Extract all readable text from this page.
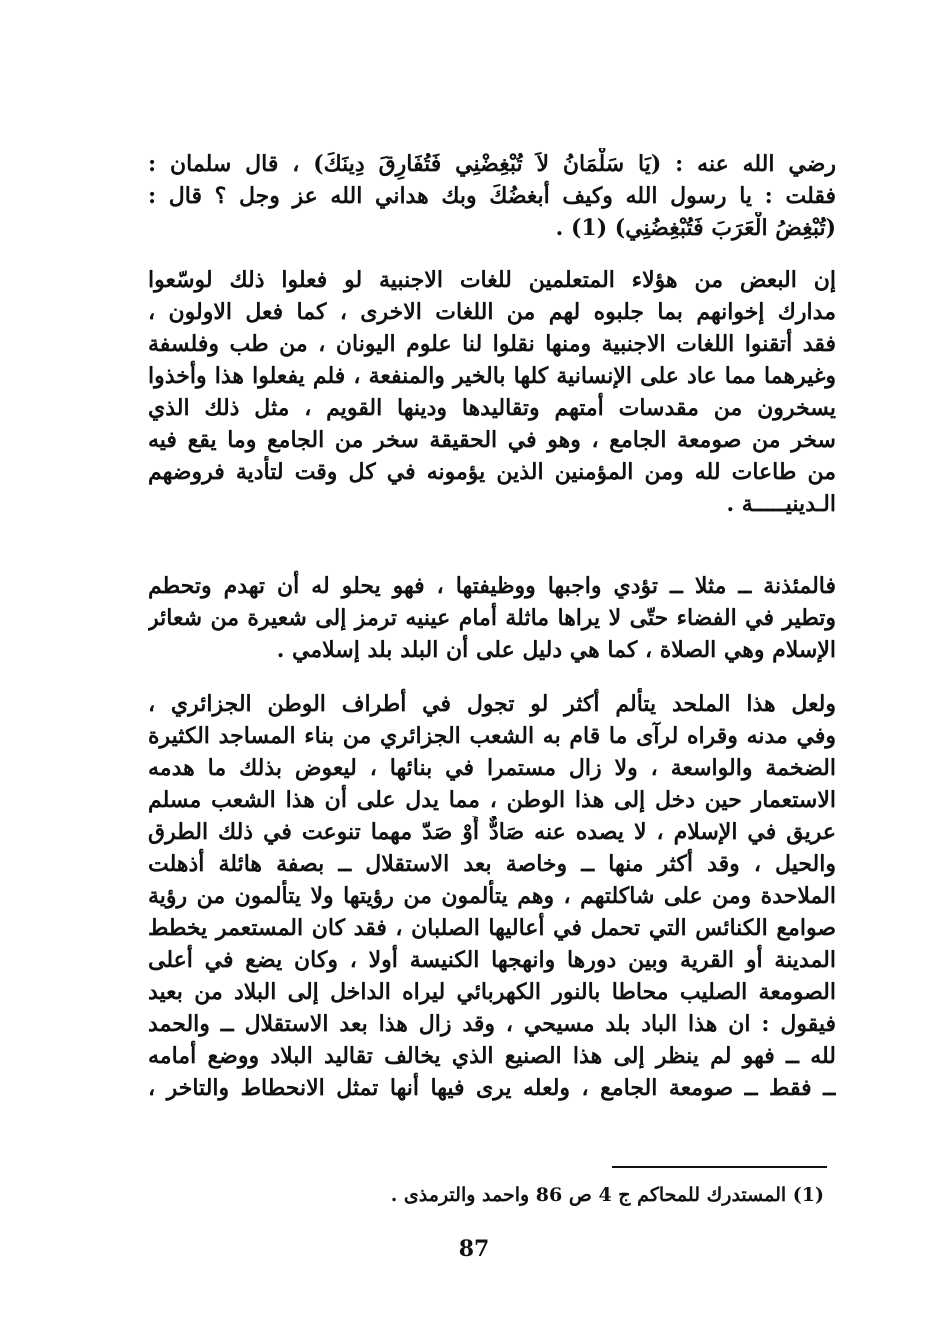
رضي الله عنه : (يَا سَلْمَانُ لاَ تُبْغِضْنِي فَتُفَارِقَ دِينَكَ) ، قال سلمان :
فقلت : يا رسول الله وكيف أبغضُكَ وبك هداني الله عز وجل ؟ قال :
(تُبْغِضُ الْعَرَبَ فَتُبْغِضُنِي) (1) .
إن البعض من هؤلاء المتعلمين للغات الاجنبية لو فعلوا ذلك لوسّعوا
مدارك إخوانهم بما جلبوه لهم من اللغات الاخرى ، كما فعل الاولون ،
فقد أتقنوا اللغات الاجنبية ومنها نقلوا لنا علوم اليونان ، من طب وفلسفة
وغيرهما مما عاد على الإنسانية كلها بالخير والمنفعة ، فلم يفعلوا هذا وأخذوا
يسخرون من مقدسات أمتهم وتقاليدها ودينها القويم ، مثل ذلك الذي
سخر من صومعة الجامع ، وهو في الحقيقة سخر من الجامع وما يقع فيه
من طاعات لله ومن المؤمنين الذين يؤمونه في كل وقت لتأدية فروضهم
الـدينيـــــة .
فالمئذنة ــ مثلا ــ تؤدي واجبها ووظيفتها ، فهو يحلو له أن تهدم وتحطم
وتطير في الفضاء حتّى لا يراها ماثلة أمام عينيه ترمز إلى شعيرة من شعائر
الإسلام وهي الصلاة ، كما هي دليل على أن البلد بلد إسلامي .
ولعل هذا الملحد يتألم أكثر لو تجول في أطراف الوطن الجزائري ،
وفي مدنه وقراه لرآى ما قام به الشعب الجزائري من بناء المساجد الكثيرة
الضخمة والواسعة ، ولا زال مستمرا في بنائها ، ليعوض بذلك ما هدمه
الاستعمار حين دخل إلى هذا الوطن ، مما يدل على أن هذا الشعب مسلم
عريق في الإسلام ، لا يصده عنه صَادٌّ أَوْ صَدّ مهما تنوعت في ذلك الطرق
والحيل ، وقد أكثر منها ــ وخاصة بعد الاستقلال ــ بصفة هائلة أذهلت
الملاحدة ومن على شاكلتهم ، وهم يتألمون من رؤيتها ولا يتألمون من رؤية
صوامع الكنائس التي تحمل في أعاليها الصلبان ، فقد كان المستعمر يخطط
المدينة أو القرية وبين دورها وانهجها الكنيسة أولا ، وكان يضع في أعلى
الصومعة الصليب محاطا بالنور الكهربائي ليراه الداخل إلى البلاد من بعيد
فيقول : ان هذا الباد بلد مسيحي ، وقد زال هذا بعد الاستقلال ــ والحمد
لله ــ فهو لم ينظر إلى هذا الصنيع الذي يخالف تقاليد البلاد ووضع أمامه
ــ فقط ــ صومعة الجامع ، ولعله يرى فيها أنها تمثل الانحطاط والتاخر ،
(1) المستدرك للمحاكم ج 4 ص 86 واحمد والترمذى .
87
